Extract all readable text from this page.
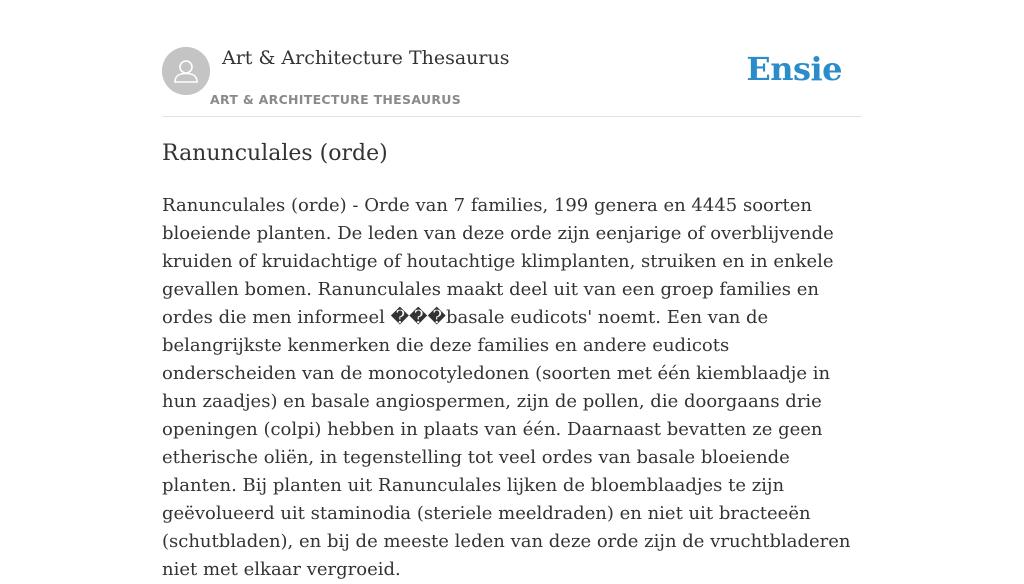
Art & Architecture Thesaurus
ART & ARCHITECTURE THESAURUS
Ensie
Ranunculales (orde)

Ranunculales (orde) - Orde van 7 families, 199 genera en 4445 soorten bloeiende planten. De leden van deze orde zijn eenjarige of overblijvende kruiden of kruidachtige of houtachtige klimplanten, struiken en in enkele gevallen bomen. Ranunculales maakt deel uit van een groep families en ordes die men informeel ���basale eudicots' noemt. Een van de belangrijkste kenmerken die deze families en andere eudicots onderscheiden van de monocotyledonen (soorten met één kiemblaadje in hun zaadjes) en basale angiospermen, zijn de pollen, die doorgaans drie openingen (colpi) hebben in plaats van één. Daarnaast bevatten ze geen etherische oliën, in tegenstelling tot veel ordes van basale bloeiende planten. Bij planten uit Ranunculales lijken de bloemblaadjes te zijn geëvolueerd uit staminodia (steriele meeldraden) en niet uit bracteeën (schutbladen), en bij de meeste leden van deze orde zijn de vruchtbladeren niet met elkaar vergroeid.
